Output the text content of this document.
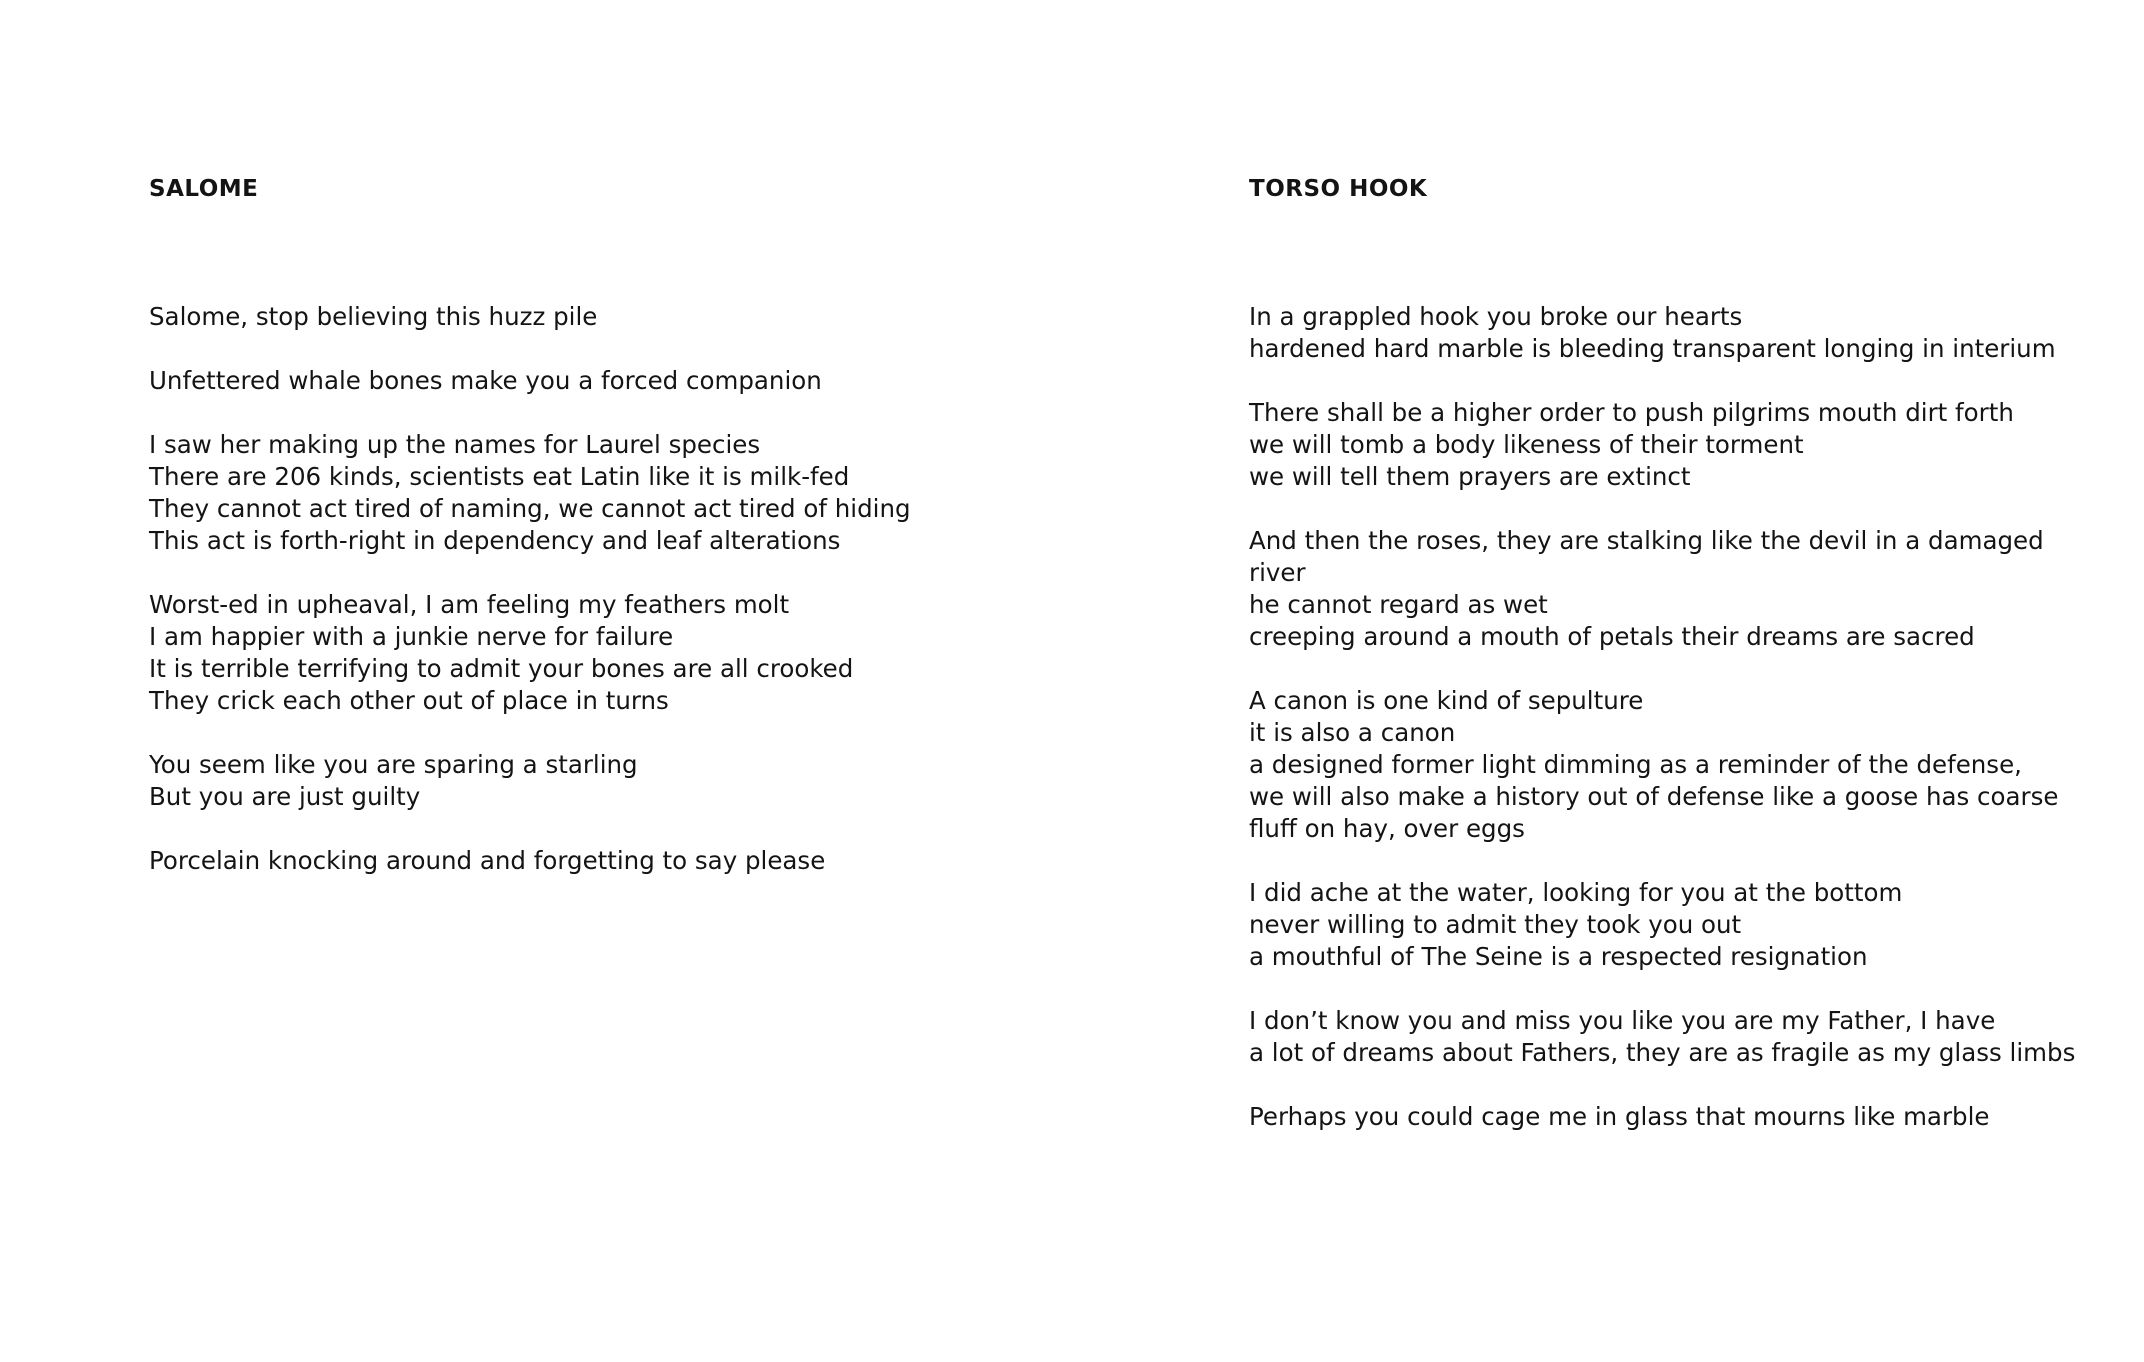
SALOME

Salome, stop believing this huzz pile

Unfettered whale bones make you a forced companion

I saw her making up the names for Laurel species
There are 206 kinds, scientists eat Latin like it is milk-fed
They cannot act tired of naming, we cannot act tired of hiding
This act is forth-right in dependency and leaf alterations

Worst-ed in upheaval, I am feeling my feathers molt
I am happier with a junkie nerve for failure
It is terrible terrifying to admit your bones are all crooked
They crick each other out of place in turns

You seem like you are sparing a starling
But you are just guilty

Porcelain knocking around and forgetting to say please

TORSO HOOK

In a grappled hook you broke our hearts
hardened hard marble is bleeding transparent longing in interium

There shall be a higher order to push pilgrims mouth dirt forth
we will tomb a body likeness of their torment
we will tell them prayers are extinct

And then the roses, they are stalking like the devil in a damaged
river
he cannot regard as wet
creeping around a mouth of petals their dreams are sacred

A canon is one kind of sepulture
it is also a canon
a designed former light dimming as a reminder of the defense,
we will also make a history out of defense like a goose has coarse
fluff on hay, over eggs

I did ache at the water, looking for you at the bottom
never willing to admit they took you out
a mouthful of The Seine is a respected resignation

I don’t know you and miss you like you are my Father, I have
a lot of dreams about Fathers, they are as fragile as my glass limbs

Perhaps you could cage me in glass that mourns like marble
